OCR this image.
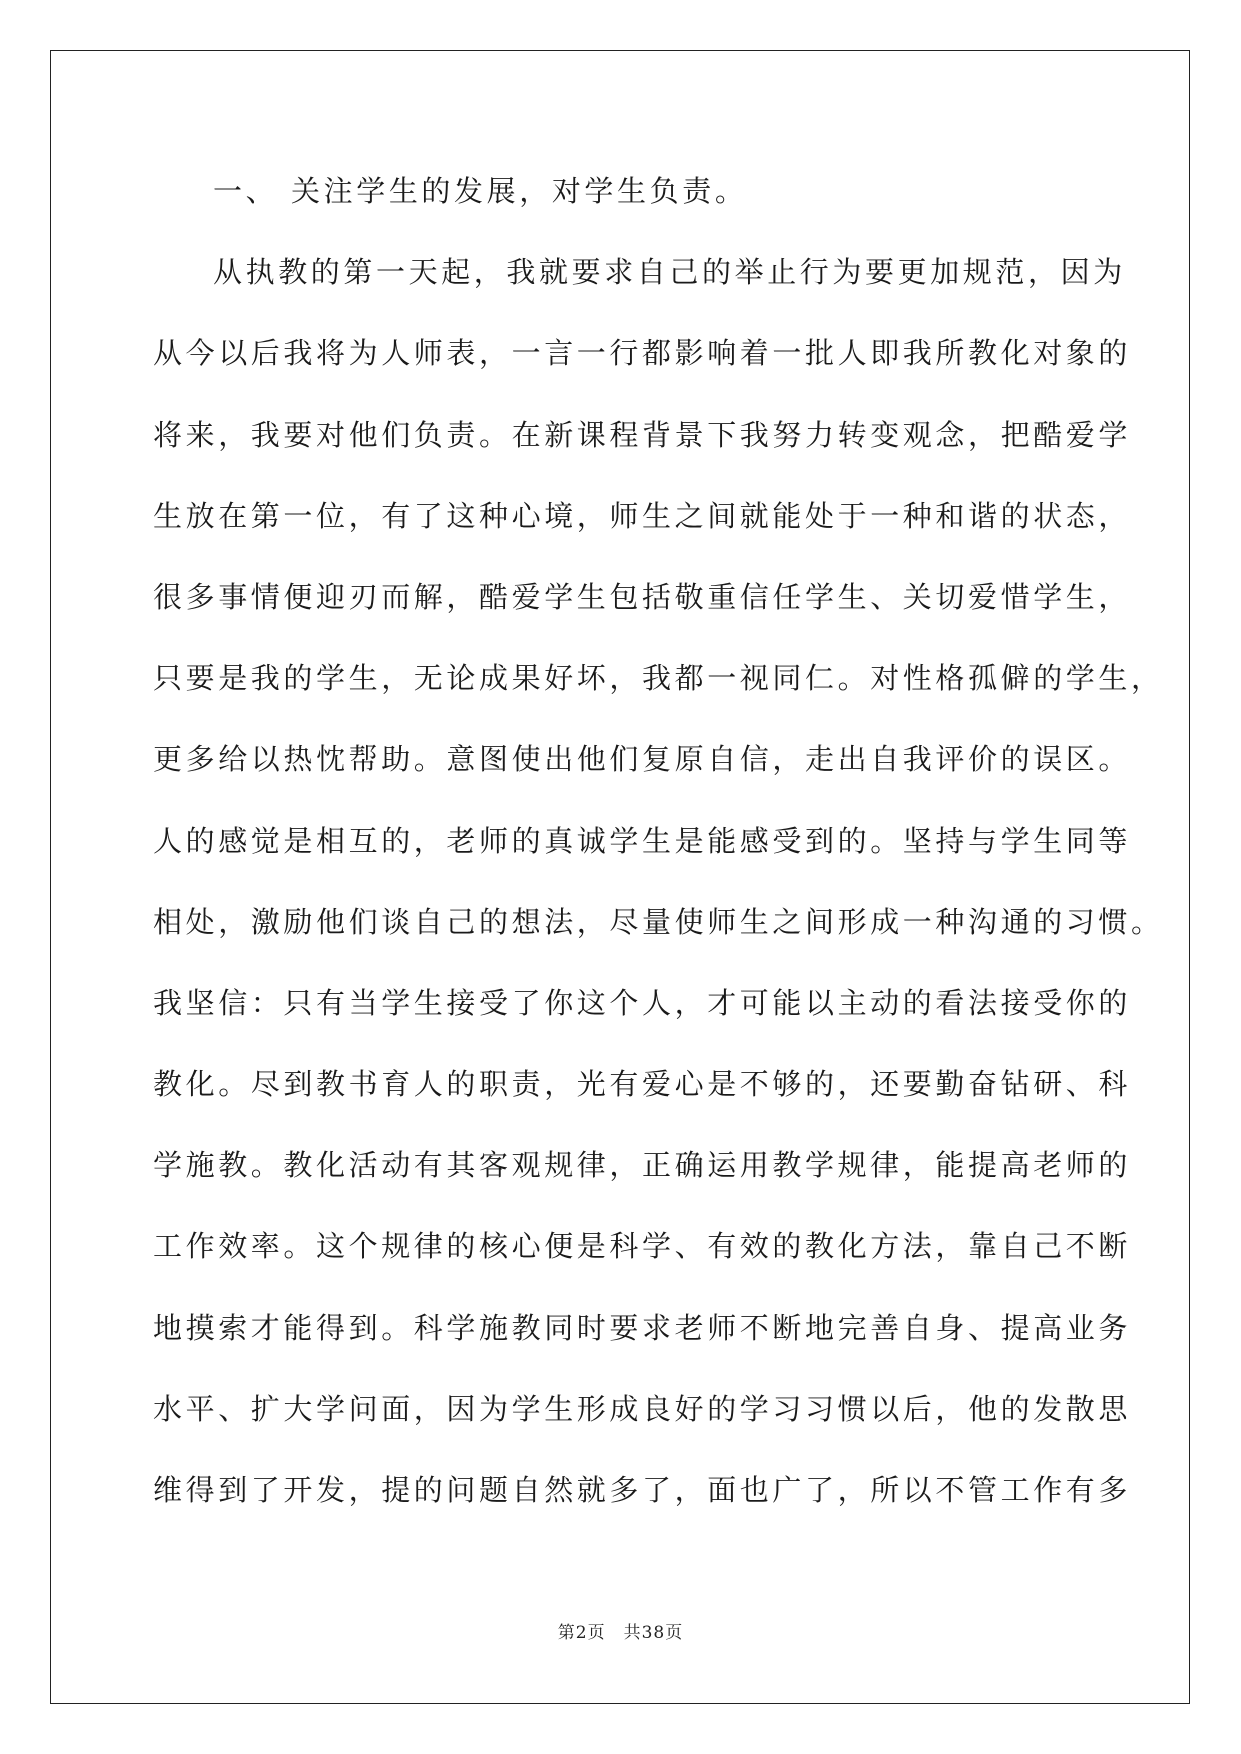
一、 关注学生的发展，对学生负责。
从执教的第一天起，我就要求自己的举止行为要更加规范，因为
从今以后我将为人师表，一言一行都影响着一批人即我所教化对象的
将来，我要对他们负责。在新课程背景下我努力转变观念，把酷爱学
生放在第一位，有了这种心境，师生之间就能处于一种和谐的状态，
很多事情便迎刃而解，酷爱学生包括敬重信任学生、关切爱惜学生，
只要是我的学生，无论成果好坏，我都一视同仁。对性格孤僻的学生，
更多给以热忱帮助。意图使出他们复原自信，走出自我评价的误区。
人的感觉是相互的，老师的真诚学生是能感受到的。坚持与学生同等
相处，激励他们谈自己的想法，尽量使师生之间形成一种沟通的习惯。
我坚信：只有当学生接受了你这个人，才可能以主动的看法接受你的
教化。尽到教书育人的职责，光有爱心是不够的，还要勤奋钻研、科
学施教。教化活动有其客观规律，正确运用教学规律，能提高老师的
工作效率。这个规律的核心便是科学、有效的教化方法，靠自己不断
地摸索才能得到。科学施教同时要求老师不断地完善自身、提高业务
水平、扩大学问面，因为学生形成良好的学习习惯以后，他的发散思
维得到了开发，提的问题自然就多了，面也广了，所以不管工作有多
第2页 共38页
